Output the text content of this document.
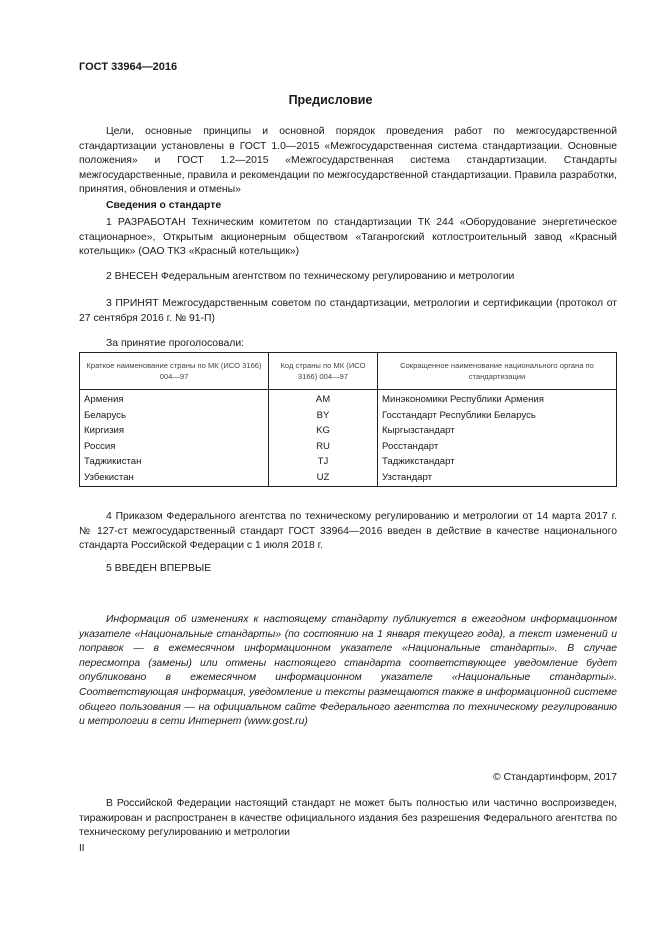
ГОСТ 33964—2016
Предисловие
Цели, основные принципы и основной порядок проведения работ по межгосударственной стандартизации установлены в ГОСТ 1.0—2015 «Межгосударственная система стандартизации. Основные положения» и ГОСТ 1.2—2015 «Межгосударственная система стандартизации. Стандарты межгосударственные, правила и рекомендации по межгосударственной стандартизации. Правила разработки, принятия, обновления и отмены»
Сведения о стандарте
1 РАЗРАБОТАН Техническим комитетом по стандартизации ТК 244 «Оборудование энергетическое стационарное», Открытым акционерным обществом «Таганрогский котлостроительный завод «Красный котельщик» (ОАО ТКЗ «Красный котельщик»)
2 ВНЕСЕН Федеральным агентством по техническому регулированию и метрологии
3 ПРИНЯТ Межгосударственным советом по стандартизации, метрологии и сертификации (протокол от 27 сентября 2016 г. № 91-П)
За принятие проголосовали:
Краткое наименование страны по МК (ИСО 3166) 004—97	Код страны по МК (ИСО 3166) 004—97	Сокращенное наименование национального органа по стандартизации
Армения	AM	Минэкономики Республики Армения
Беларусь	BY	Госстандарт Республики Беларусь
Киргизия	KG	Кыргызстандарт
Россия	RU	Росстандарт
Таджикистан	TJ	Таджикстандарт
Узбекистан	UZ	Узстандарт
4 Приказом Федерального агентства по техническому регулированию и метрологии от 14 марта 2017 г. № 127-ст межгосударственный стандарт ГОСТ 33964—2016 введен в действие в качестве национального стандарта Российской Федерации с 1 июля 2018 г.
5 ВВЕДЕН ВПЕРВЫЕ
Информация об изменениях к настоящему стандарту публикуется в ежегодном информационном указателе «Национальные стандарты» (по состоянию на 1 января текущего года), а текст изменений и поправок — в ежемесячном информационном указателе «Национальные стандарты». В случае пересмотра (замены) или отмены настоящего стандарта соответствующее уведомление будет опубликовано в ежемесячном информационном указателе «Национальные стандарты». Соответствующая информация, уведомление и тексты размещаются также в информационной системе общего пользования — на официальном сайте Федерального агентства по техническому регулированию и метрологии в сети Интернет (www.gost.ru)
© Стандартинформ, 2017
В Российской Федерации настоящий стандарт не может быть полностью или частично воспроизведен, тиражирован и распространен в качестве официального издания без разрешения Федерального агентства по техническому регулированию и метрологии
II
